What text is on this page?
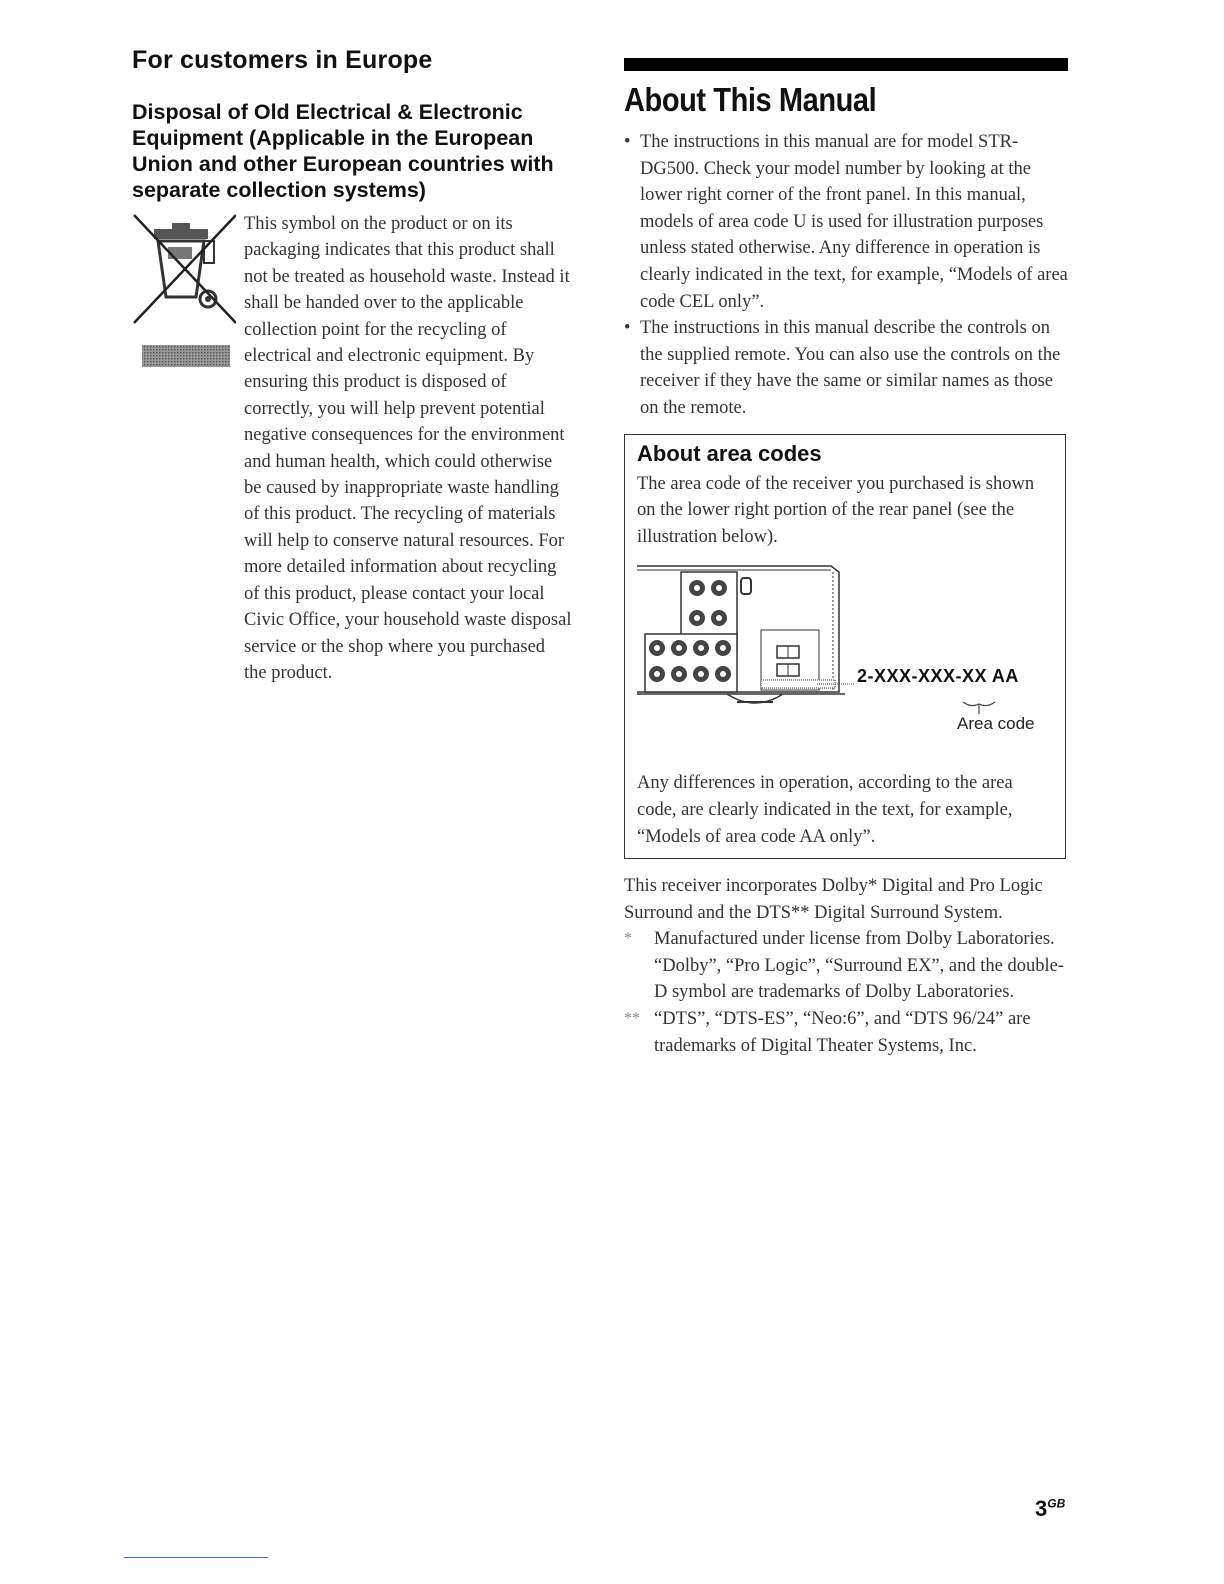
For customers in Europe
Disposal of Old Electrical & Electronic Equipment (Applicable in the European Union and other European countries with separate collection systems)

This symbol on the product or on its packaging indicates that this product shall not be treated as household waste. Instead it shall be handed over to the applicable collection point for the recycling of electrical and electronic equipment. By ensuring this product is disposed of correctly, you will help prevent potential negative consequences for the environment and human health, which could otherwise be caused by inappropriate waste handling of this product. The recycling of materials will help to conserve natural resources. For more detailed information about recycling of this product, please contact your local Civic Office, your household waste disposal service or the shop where you purchased the product.

About This Manual
• The instructions in this manual are for model STR-DG500. Check your model number by looking at the lower right corner of the front panel. In this manual, models of area code U is used for illustration purposes unless stated otherwise. Any difference in operation is clearly indicated in the text, for example, “Models of area code CEL only”.
• The instructions in this manual describe the controls on the supplied remote. You can also use the controls on the receiver if they have the same or similar names as those on the remote.
About area codes

The area code of the receiver you purchased is shown on the lower right portion of the rear panel (see the illustration below).

2-XXX-XXX-XX AA
Area code

Any differences in operation, according to the area code, are clearly indicated in the text, for example, “Models of area code AA only”.

This receiver incorporates Dolby* Digital and Pro Logic Surround and the DTS** Digital Surround System.

* Manufactured under license from Dolby Laboratories. “Dolby”, “Pro Logic”, “Surround EX”, and the double-D symbol are trademarks of Dolby Laboratories.
** “DTS”, “DTS-ES”, “Neo:6”, and “DTS 96/24” are trademarks of Digital Theater Systems, Inc.
$3^{GB}$
